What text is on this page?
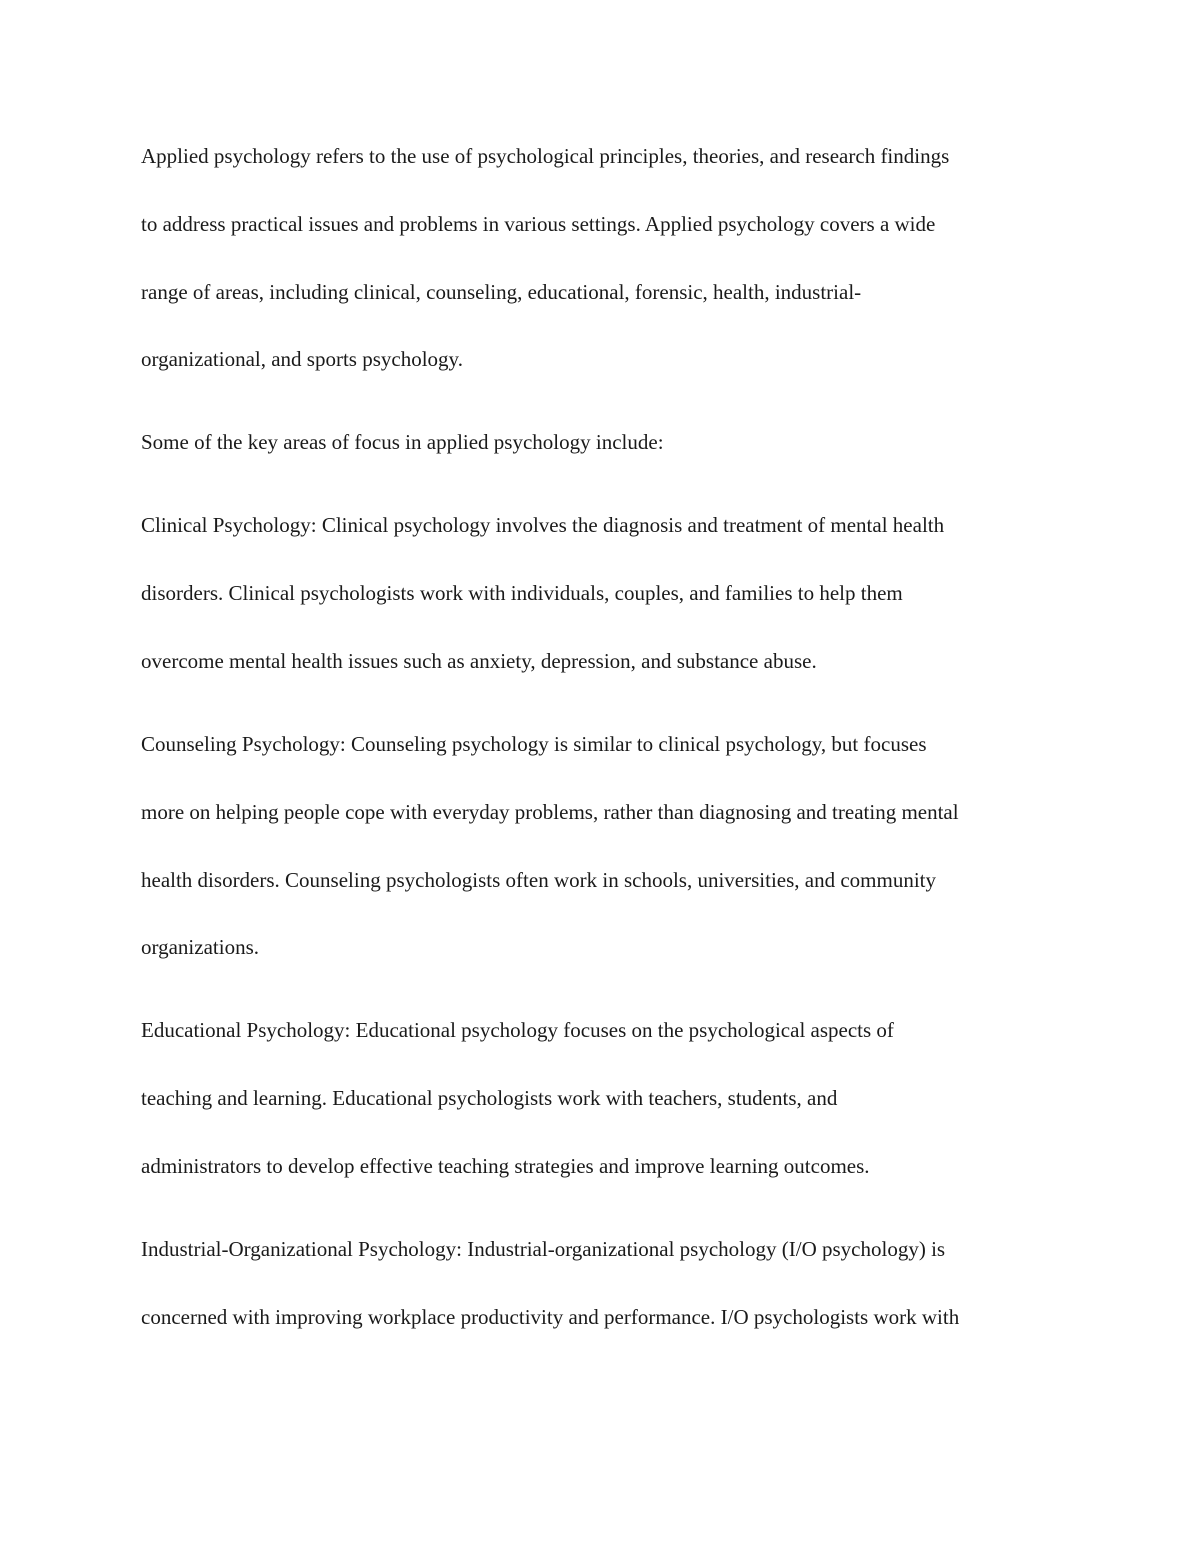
Applied psychology refers to the use of psychological principles, theories, and research findings
to address practical issues and problems in various settings. Applied psychology covers a wide
range of areas, including clinical, counseling, educational, forensic, health, industrial-
organizational, and sports psychology.
Some of the key areas of focus in applied psychology include:
Clinical Psychology: Clinical psychology involves the diagnosis and treatment of mental health
disorders. Clinical psychologists work with individuals, couples, and families to help them
overcome mental health issues such as anxiety, depression, and substance abuse.
Counseling Psychology: Counseling psychology is similar to clinical psychology, but focuses
more on helping people cope with everyday problems, rather than diagnosing and treating mental
health disorders. Counseling psychologists often work in schools, universities, and community
organizations.
Educational Psychology: Educational psychology focuses on the psychological aspects of
teaching and learning. Educational psychologists work with teachers, students, and
administrators to develop effective teaching strategies and improve learning outcomes.
Industrial-Organizational Psychology: Industrial-organizational psychology (I/O psychology) is
concerned with improving workplace productivity and performance. I/O psychologists work with
